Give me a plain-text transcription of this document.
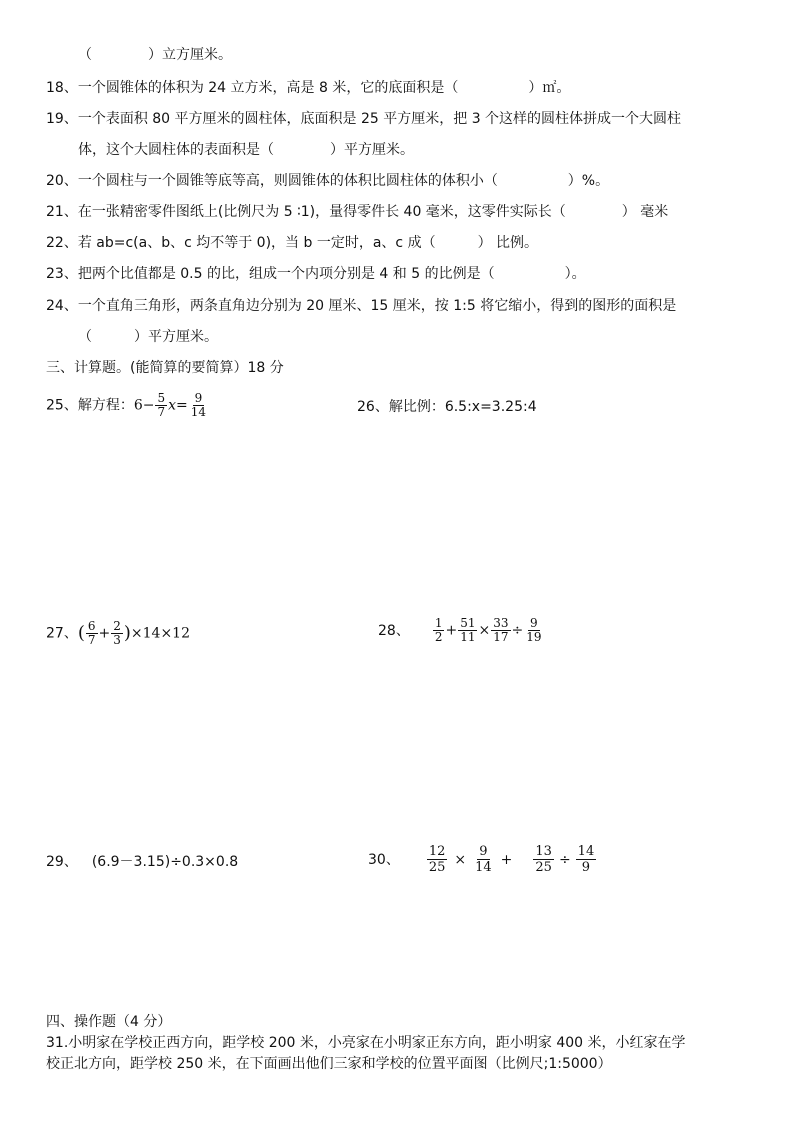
（　　　　）立方厘米。
18、一个圆锥体的体积为 24 立方米，高是 8 米，它的底面积是（　　　　　）㎡。
19、一个表面积 80 平方厘米的圆柱体，底面积是 25 平方厘米，把 3 个这样的圆柱体拼成一个大圆柱
体，这个大圆柱体的表面积是（　　　　）平方厘米。
20、一个圆柱与一个圆锥等底等高，则圆锥体的体积比圆柱体的体积小（　　　　　）%。
21、在一张精密零件图纸上(比例尺为 5 ∶1)，量得零件长 40 毫米，这零件实际长（　　　　） 毫米
22、若 ab=c(a、b、c 均不等于 0)，当 b 一定时，a、c 成（　　　） 比例。
23、把两个比值都是 0.5 的比，组成一个内项分别是 4 和 5 的比例是（　　　　　）。
24、一个直角三角形，两条直角边分别为 20 厘米、15 厘米，按 1:5 将它缩小，得到的图形的面积是
（　　　）平方厘米。
三、计算题。(能简算的要简算）18 分
25、解方程：$6- \frac{5}{7} x= \frac{9}{14}$	26、解比例：6.5:x=3.25:4
27、( $\frac{6}{7} + \frac{2}{3} )\times 14\times 12$	28、 $\frac{1}{2} + \frac{51}{11} \times \frac{33}{17} \div \frac{9}{19}$
29、 (6.9－3.15)÷0.3×0.8	30、 $\frac{12}{25} \times \frac{9}{14} + \frac{13}{25} \div \frac{14}{9}$
四、操作题（4 分）
31.小明家在学校正西方向，距学校 200 米，小亮家在小明家正东方向，距小明家 400 米，小红家在学
校正北方向，距学校 250 米，在下面画出他们三家和学校的位置平面图（比例尺;1:5000）
